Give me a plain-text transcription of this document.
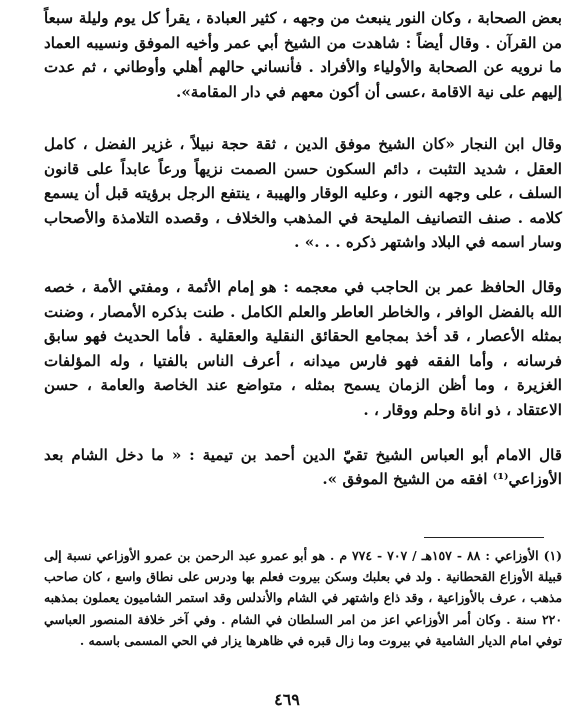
بعض الصحابة ، وكان النور ينبعث من وجهه ، كثير العبادة ، يقرأ كل يوم وليلة سبعاً من القرآن . وقال أيضاً : شاهدت من الشيخ أبي عمر وأخيه الموفق ونسيبه العماد ما نرويه عن الصحابة والأولياء والأفراد . فأنساني حالهم أهلي وأوطاني ، ثم عدت إليهم على نية الاقامة ،عسى أن أكون معهم في دار المقامة».

وقال ابن النجار «كان الشيخ موفق الدين ، ثقة حجة نبيلاً ، غزير الفضل ، كامل العقل ، شديد التثبت ، دائم السكون حسن الصمت نزيهاً ورعاً عابداً على قانون السلف ، على وجهه النور ، وعليه الوقار والهيبة ، ينتفع الرجل برؤيته قبل أن يسمع كلامه . صنف التصانيف المليحة في المذهب والخلاف ، وقصده التلامذة والأصحاب وسار اسمه في البلاد واشتهر ذكره . . .» .

وقال الحافظ عمر بن الحاجب في معجمه : هو إمام الأئمة ، ومفتي الأمة ، خصه الله بالفضل الوافر ، والخاطر العاطر والعلم الكامل . طنت بذكره الأمصار ، وضنت بمثله الأعصار ، قد أخذ بمجامع الحقائق النقلية والعقلية . فأما الحديث فهو سابق فرسانه ، وأما الفقه فهو فارس ميدانه ، أعرف الناس بالفتيا ، وله المؤلفات الغزيرة ، وما أظن الزمان يسمح بمثله ، متواضع عند الخاصة والعامة ، حسن الاعتقاد ، ذو اناة وحلم ووقار ، .

قال الامام أبو العباس الشيخ تقيّ الدين أحمد بن تيمية : « ما دخل الشام بعد الأوزاعي⁽¹⁾ افقه من الشيخ الموفق ».

(١) الأوزاعي : ٨٨ - ١٥٧هـ / ٧٠٧ - ٧٧٤ م . هو أبو عمرو عبد الرحمن بن عمرو الأوزاعي نسبة إلى قبيلة الأوزاع القحطانية . ولد في بعلبك وسكن بيروت فعلم بها ودرس على نطاق واسع ، كان صاحب مذهب ، عرف بالأوزاعية ، وقد ذاع واشتهر في الشام والأندلس وقد استمر الشاميون يعملون بمذهبه ٢٢٠ سنة . وكان أمر الأوزاعي اعز من امر السلطان في الشام . وفي آخر خلافة المنصور العباسي توفي امام الديار الشامية في بيروت وما زال قبره في ظاهرها يزار في الحي المسمى باسمه .

٤٦٩
